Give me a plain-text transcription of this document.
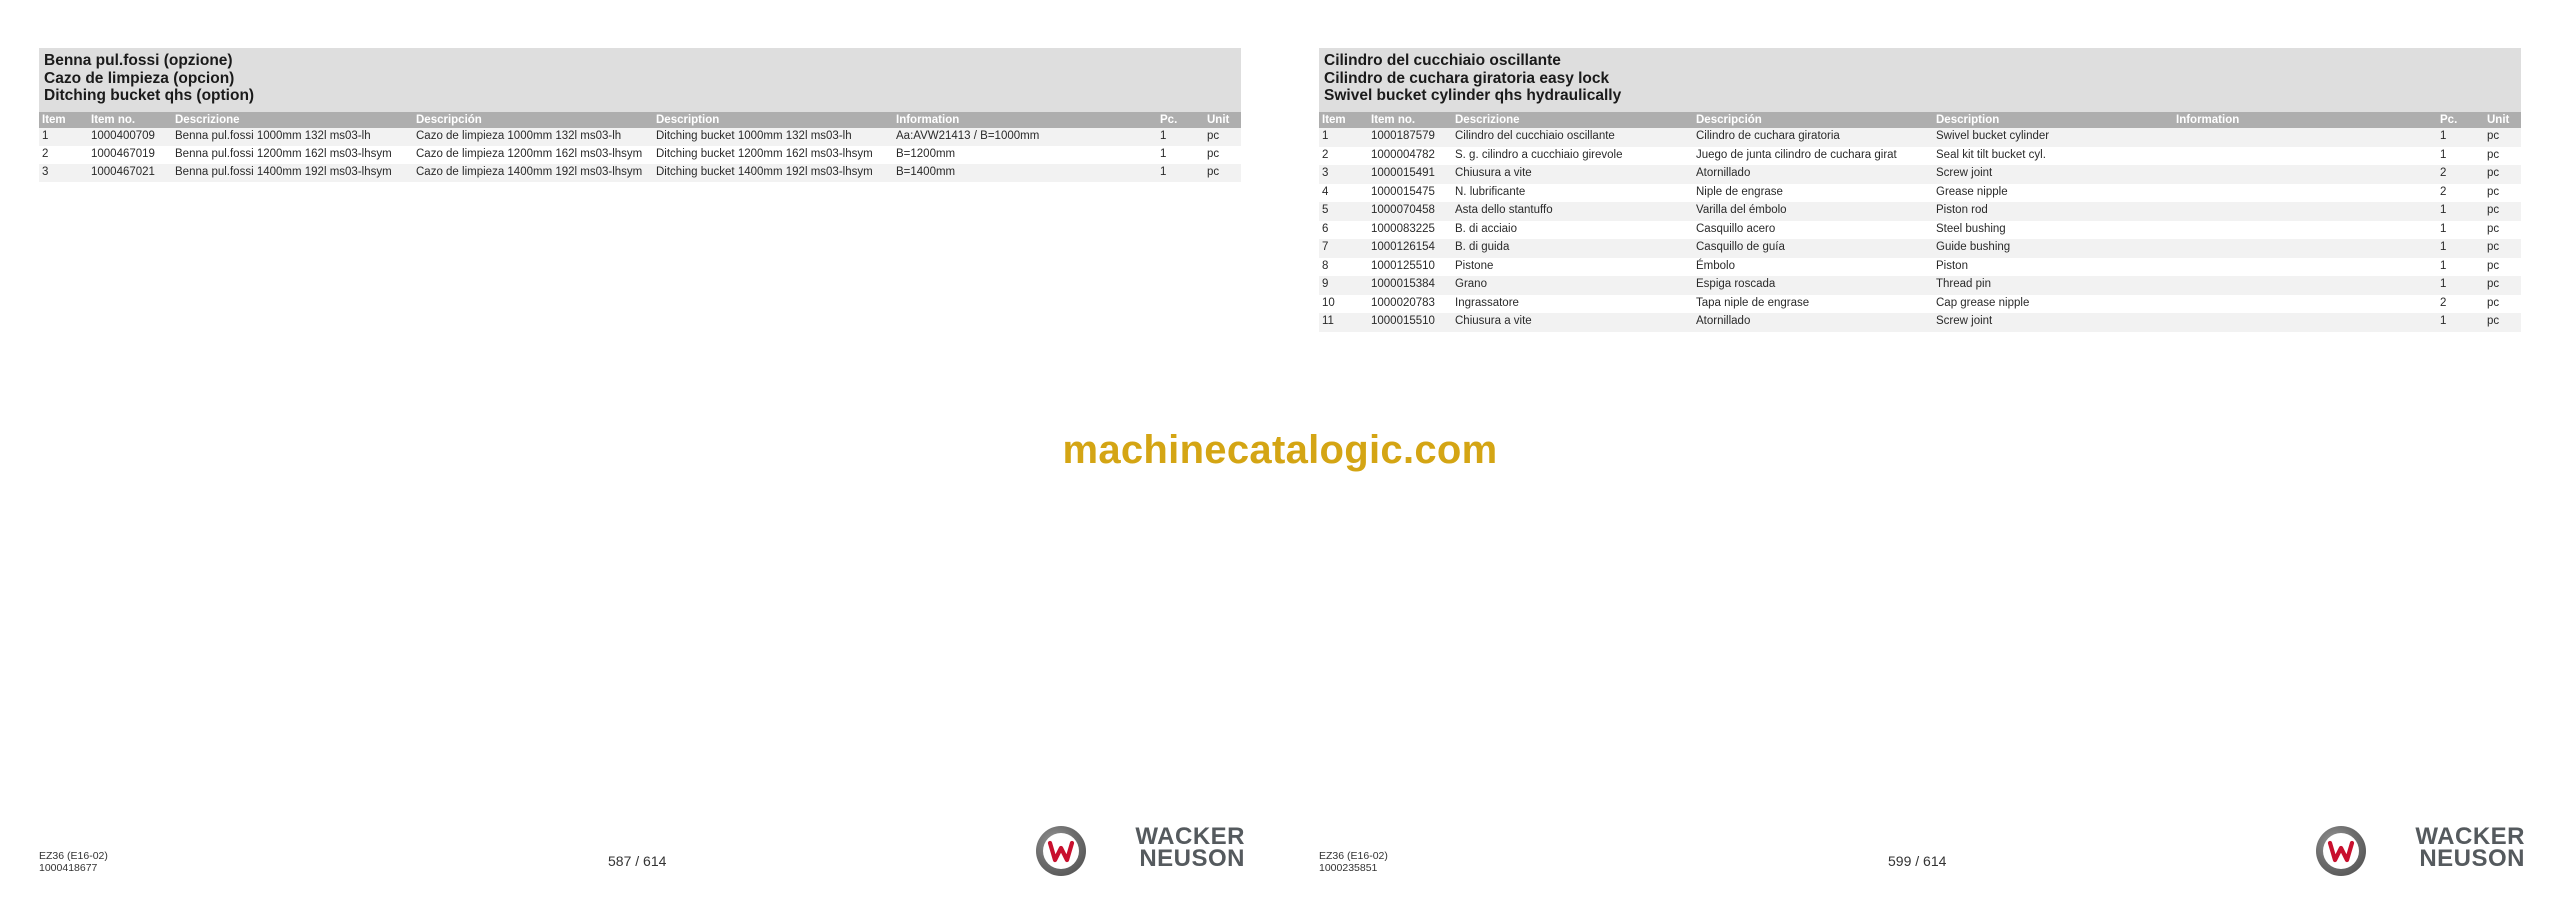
Benna pul.fossi (opzione)
Cazo de limpieza (opcion)
Ditching bucket qhs (option)
Item	Item no.	Descrizione	Descripción	Description	Information	Pc.	Unit
1	1000400709	Benna pul.fossi 1000mm 132l ms03-lh	Cazo de limpieza 1000mm 132l ms03-lh	Ditching bucket 1000mm 132l ms03-lh	Aa:AVW21413 / B=1000mm	1	pc
2	1000467019	Benna pul.fossi 1200mm 162l ms03-lhsym	Cazo de limpieza 1200mm 162l ms03-lhsym	Ditching bucket 1200mm 162l ms03-lhsym	B=1200mm	1	pc
3	1000467021	Benna pul.fossi 1400mm 192l ms03-lhsym	Cazo de limpieza 1400mm 192l ms03-lhsym	Ditching bucket 1400mm 192l ms03-lhsym	B=1400mm	1	pc
EZ36 (E16-02)
1000418677	587 / 614
WACKER
NEUSON
Cilindro del cucchiaio oscillante
Cilindro de cuchara giratoria easy lock
Swivel bucket cylinder qhs hydraulically
Item	Item no.	Descrizione	Descripción	Description	Information	Pc.	Unit
1	1000187579	Cilindro del cucchiaio oscillante	Cilindro de cuchara giratoria	Swivel bucket cylinder		1	pc
2	1000004782	S. g. cilindro a cucchiaio girevole	Juego de junta cilindro de cuchara girat	Seal kit tilt bucket cyl.		1	pc
3	1000015491	Chiusura a vite	Atornillado	Screw joint		2	pc
4	1000015475	N. lubrificante	Niple de engrase	Grease nipple		2	pc
5	1000070458	Asta dello stantuffo	Varilla del émbolo	Piston rod		1	pc
6	1000083225	B. di acciaio	Casquillo acero	Steel bushing		1	pc
7	1000126154	B. di guida	Casquillo de guía	Guide bushing		1	pc
8	1000125510	Pistone	Émbolo	Piston		1	pc
9	1000015384	Grano	Espiga roscada	Thread pin		1	pc
10	1000020783	Ingrassatore	Tapa niple de engrase	Cap grease nipple		2	pc
11	1000015510	Chiusura a vite	Atornillado	Screw joint		1	pc
EZ36 (E16-02)
1000235851	599 / 614
WACKER
NEUSON
machinecatalogic.com
